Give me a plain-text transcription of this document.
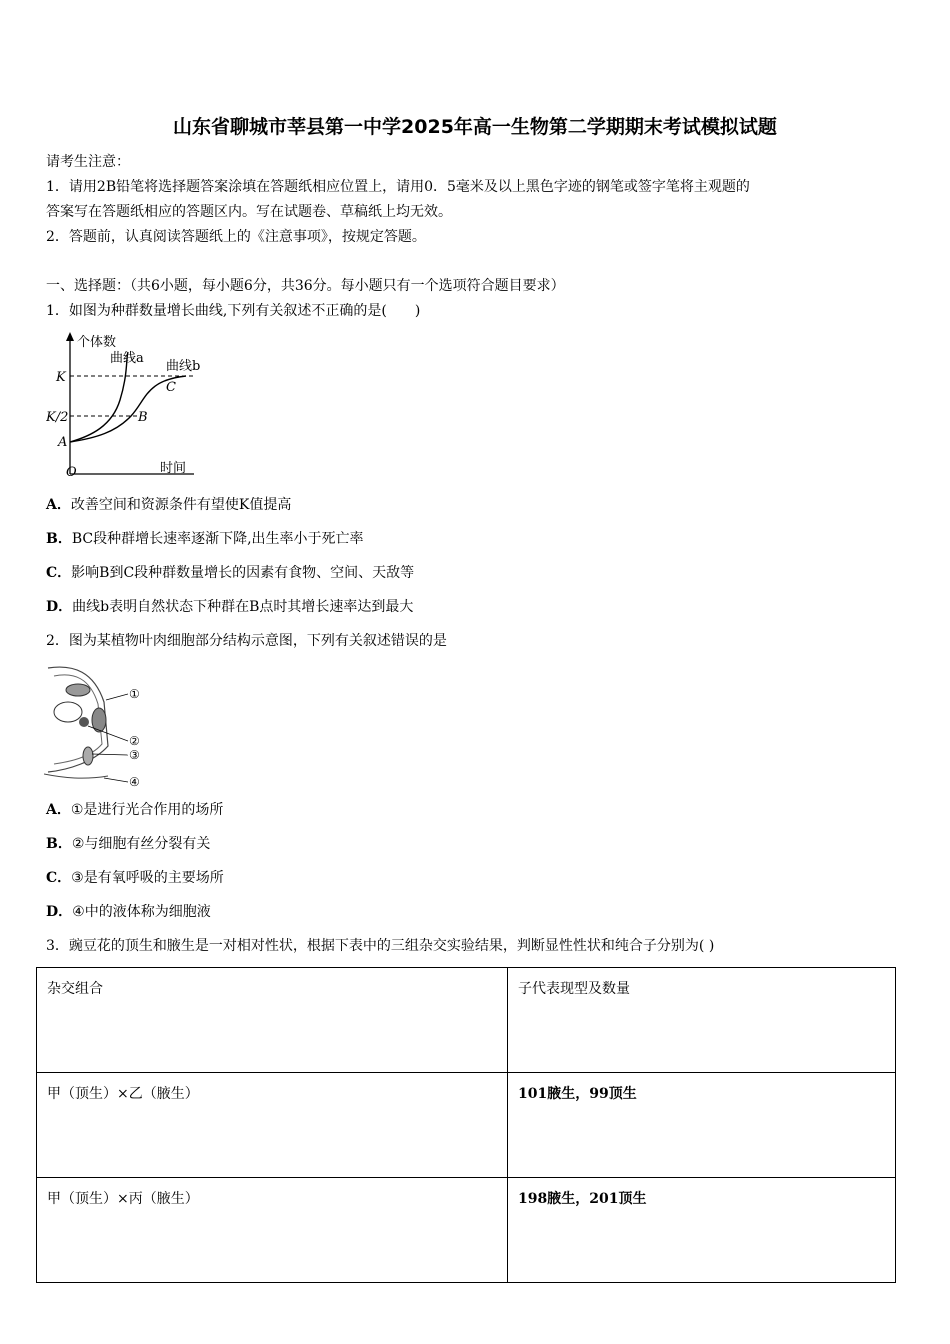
山东省聊城市莘县第一中学2025年高一生物第二学期期末考试模拟试题
请考生注意：
1．请用2B铅笔将选择题答案涂填在答题纸相应位置上，请用0．5毫米及以上黑色字迹的钢笔或签字笔将主观题的
答案写在答题纸相应的答题区内。写在试题卷、草稿纸上均无效。
2．答题前，认真阅读答题纸上的《注意事项》，按规定答题。
一、选择题：（共6小题，每小题6分，共36分。每小题只有一个选项符合题目要求）
1．如图为种群数量增长曲线,下列有关叙述不正确的是(　　)
个体数
时间
O
K
K/2
A
B
C
曲线a
曲线b
A．改善空间和资源条件有望使K值提高
B．BC段种群增长速率逐渐下降,出生率小于死亡率
C．影响B到C段种群数量增长的因素有食物、空间、天敌等
D．曲线b表明自然状态下种群在B点时其增长速率达到最大
2．图为某植物叶肉细胞部分结构示意图，下列有关叙述错误的是
①
②
③
④
A．①是进行光合作用的场所
B．②与细胞有丝分裂有关
C．③是有氧呼吸的主要场所
D．④中的液体称为细胞液
3．豌豆花的顶生和腋生是一对相对性状，根据下表中的三组杂交实验结果，判断显性性状和纯合子分别为( )
杂交组合	子代表现型及数量
甲（顶生）×乙（腋生）	101腋生，99顶生
甲（顶生）×丙（腋生）	198腋生，201顶生
